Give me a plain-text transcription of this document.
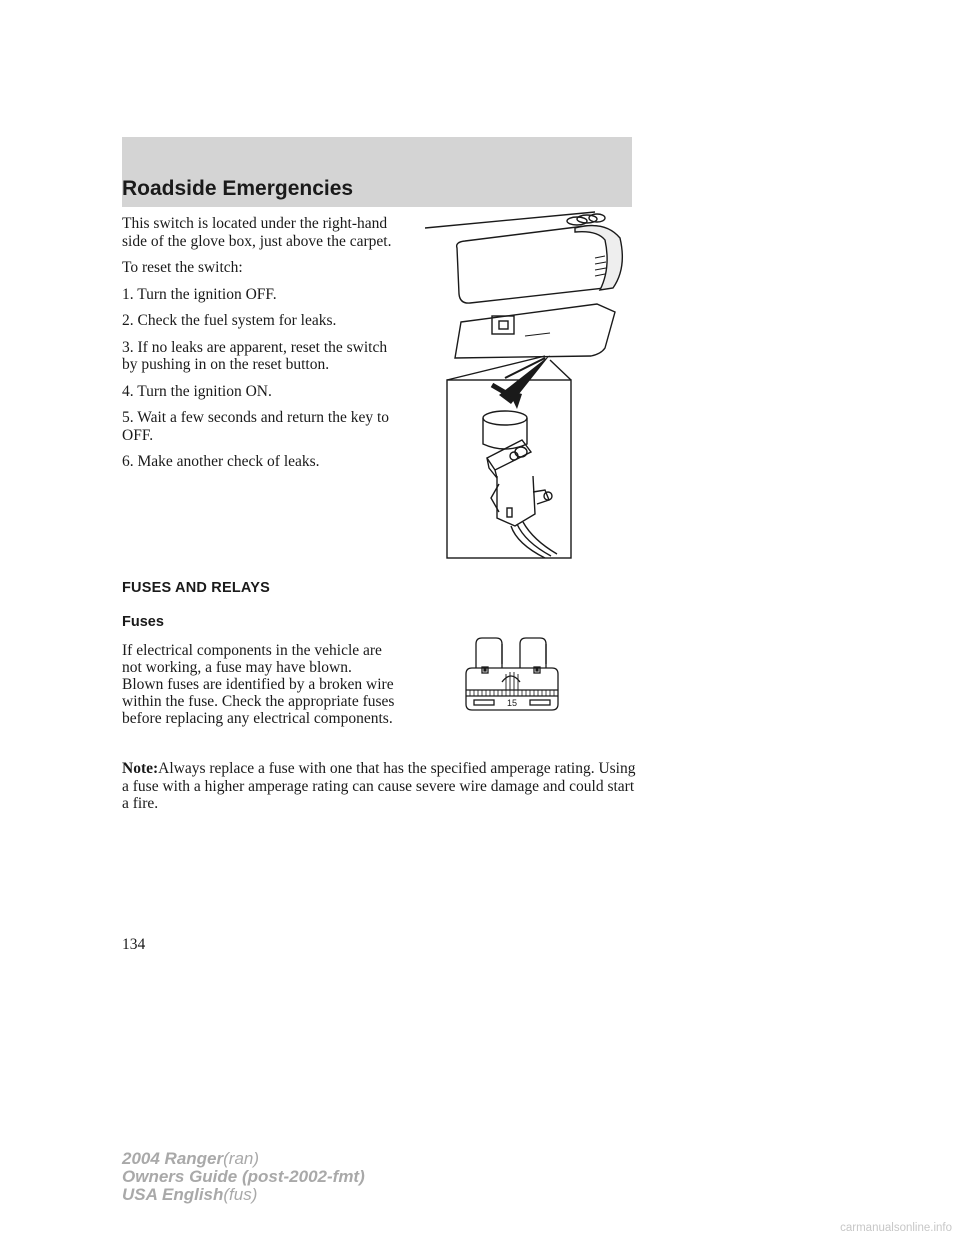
Roadside Emergencies

This switch is located under the right-hand side of the glove box, just above the carpet.

To reset the switch:

1. Turn the ignition OFF.

2. Check the fuel system for leaks.

3. If no leaks are apparent, reset the switch by pushing in on the reset button.

4. Turn the ignition ON.

5. Wait a few seconds and return the key to OFF.

6. Make another check of leaks.

FUSES AND RELAYS
Fuses

If electrical components in the vehicle are not working, a fuse may have blown. Blown fuses are identified by a broken wire within the fuse. Check the appropriate fuses before replacing any electrical components.

15

Note:Always replace a fuse with one that has the specified amperage rating. Using a fuse with a higher amperage rating can cause severe wire damage and could start a fire.

134
2004 Ranger(ran)
Owners Guide (post-2002-fmt)
USA English(fus)
carmanualsonline.info
